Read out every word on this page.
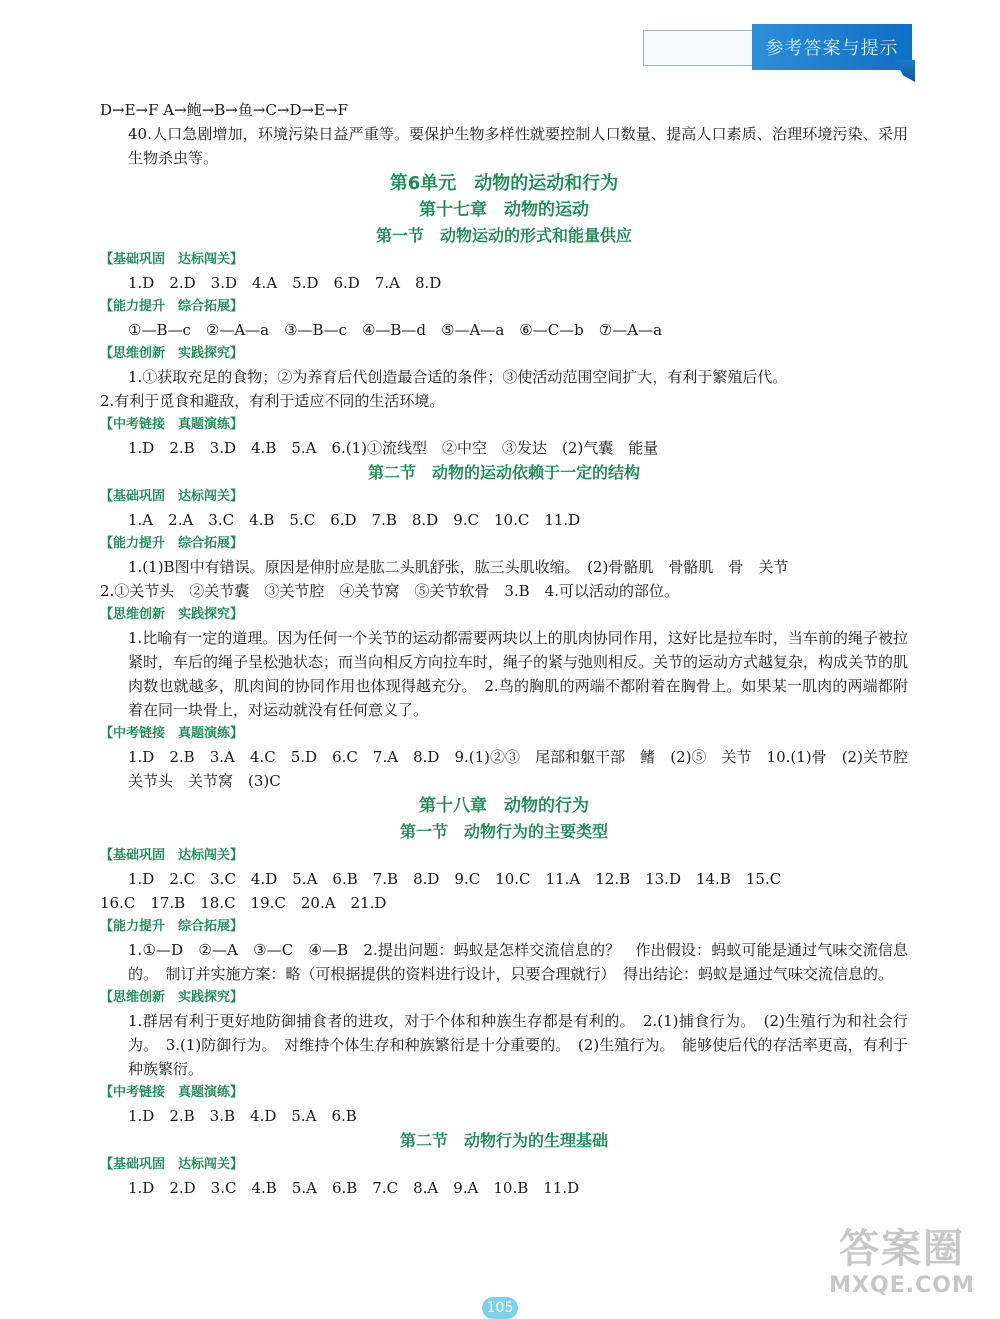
参考答案与提示

D→E→F A→鲍→B→鱼→C→D→E→F

40.人口急剧增加，环境污染日益严重等。要保护生物多样性就要控制人口数量、提高人口素质、治理环境污染、采用生物杀虫等。

第6单元　动物的运动和行为

第十七章　动物的运动

第一节　动物运动的形式和能量供应

【基础巩固　达标闯关】

1.D　2.D　3.D　4.A　5.D　6.D　7.A　8.D

【能力提升　综合拓展】

①—B—c　②—A—a　③—B—c　④—B—d　⑤—A—a　⑥—C—b　⑦—A—a

【思维创新　实践探究】

1.①获取充足的食物；②为养育后代创造最合适的条件；③使活动范围空间扩大，有利于繁殖后代。

2.有利于觅食和避敌，有利于适应不同的生活环境。

【中考链接　真题演练】

1.D　2.B　3.D　4.B　5.A　6.(1)①流线型　②中空　③发达　(2)气囊　能量

第二节　动物的运动依赖于一定的结构

【基础巩固　达标闯关】

1.A　2.A　3.C　4.B　5.C　6.D　7.B　8.D　9.C　10.C　11.D

【能力提升　综合拓展】

1.(1)B图中有错误。原因是伸肘应是肱二头肌舒张，肱三头肌收缩。　(2)骨骼肌　骨骼肌　骨　关节

2.①关节头　②关节囊　③关节腔　④关节窝　⑤关节软骨　3.B　4.可以活动的部位。

【思维创新　实践探究】

1.比喻有一定的道理。因为任何一个关节的运动都需要两块以上的肌肉协同作用，这好比是拉车时，当车前的绳子被拉紧时，车后的绳子呈松弛状态；而当向相反方向拉车时，绳子的紧与弛则相反。关节的运动方式越复杂，构成关节的肌肉数也就越多，肌肉间的协同作用也体现得越充分。　2.鸟的胸肌的两端不都附着在胸骨上。如果某一肌肉的两端都附着在同一块骨上，对运动就没有任何意义了。

【中考链接　真题演练】

1.D　2.B　3.A　4.C　5.D　6.C　7.A　8.D　9.(1)②③　尾部和躯干部　鳍　(2)⑤　关节　10.(1)骨　(2)关节腔　关节头　关节窝　(3)C

第十八章　动物的行为

第一节　动物行为的主要类型

【基础巩固　达标闯关】

1.D　2.C　3.C　4.D　5.A　6.B　7.B　8.D　9.C　10.C　11.A　12.B　13.D　14.B　15.C

16.C　17.B　18.C　19.C　20.A　21.D

【能力提升　综合拓展】

1.①—D　②—A　③—C　④—B　2.提出问题：蚂蚁是怎样交流信息的？　作出假设：蚂蚁可能是通过气味交流信息的。　制订并实施方案：略（可根据提供的资料进行设计，只要合理就行）　得出结论：蚂蚁是通过气味交流信息的。

【思维创新　实践探究】

1.群居有利于更好地防御捕食者的进攻，对于个体和种族生存都是有利的。　2.(1)捕食行为。　(2)生殖行为和社会行为。　3.(1)防御行为。　对维持个体生存和种族繁衍是十分重要的。　(2)生殖行为。　能够使后代的存活率更高，有利于种族繁衍。

【中考链接　真题演练】

1.D　2.B　3.B　4.D　5.A　6.B

第二节　动物行为的生理基础

【基础巩固　达标闯关】

1.D　2.D　3.C　4.B　5.A　6.B　7.C　8.A　9.A　10.B　11.D

105
答案圈
MXQE.COM
